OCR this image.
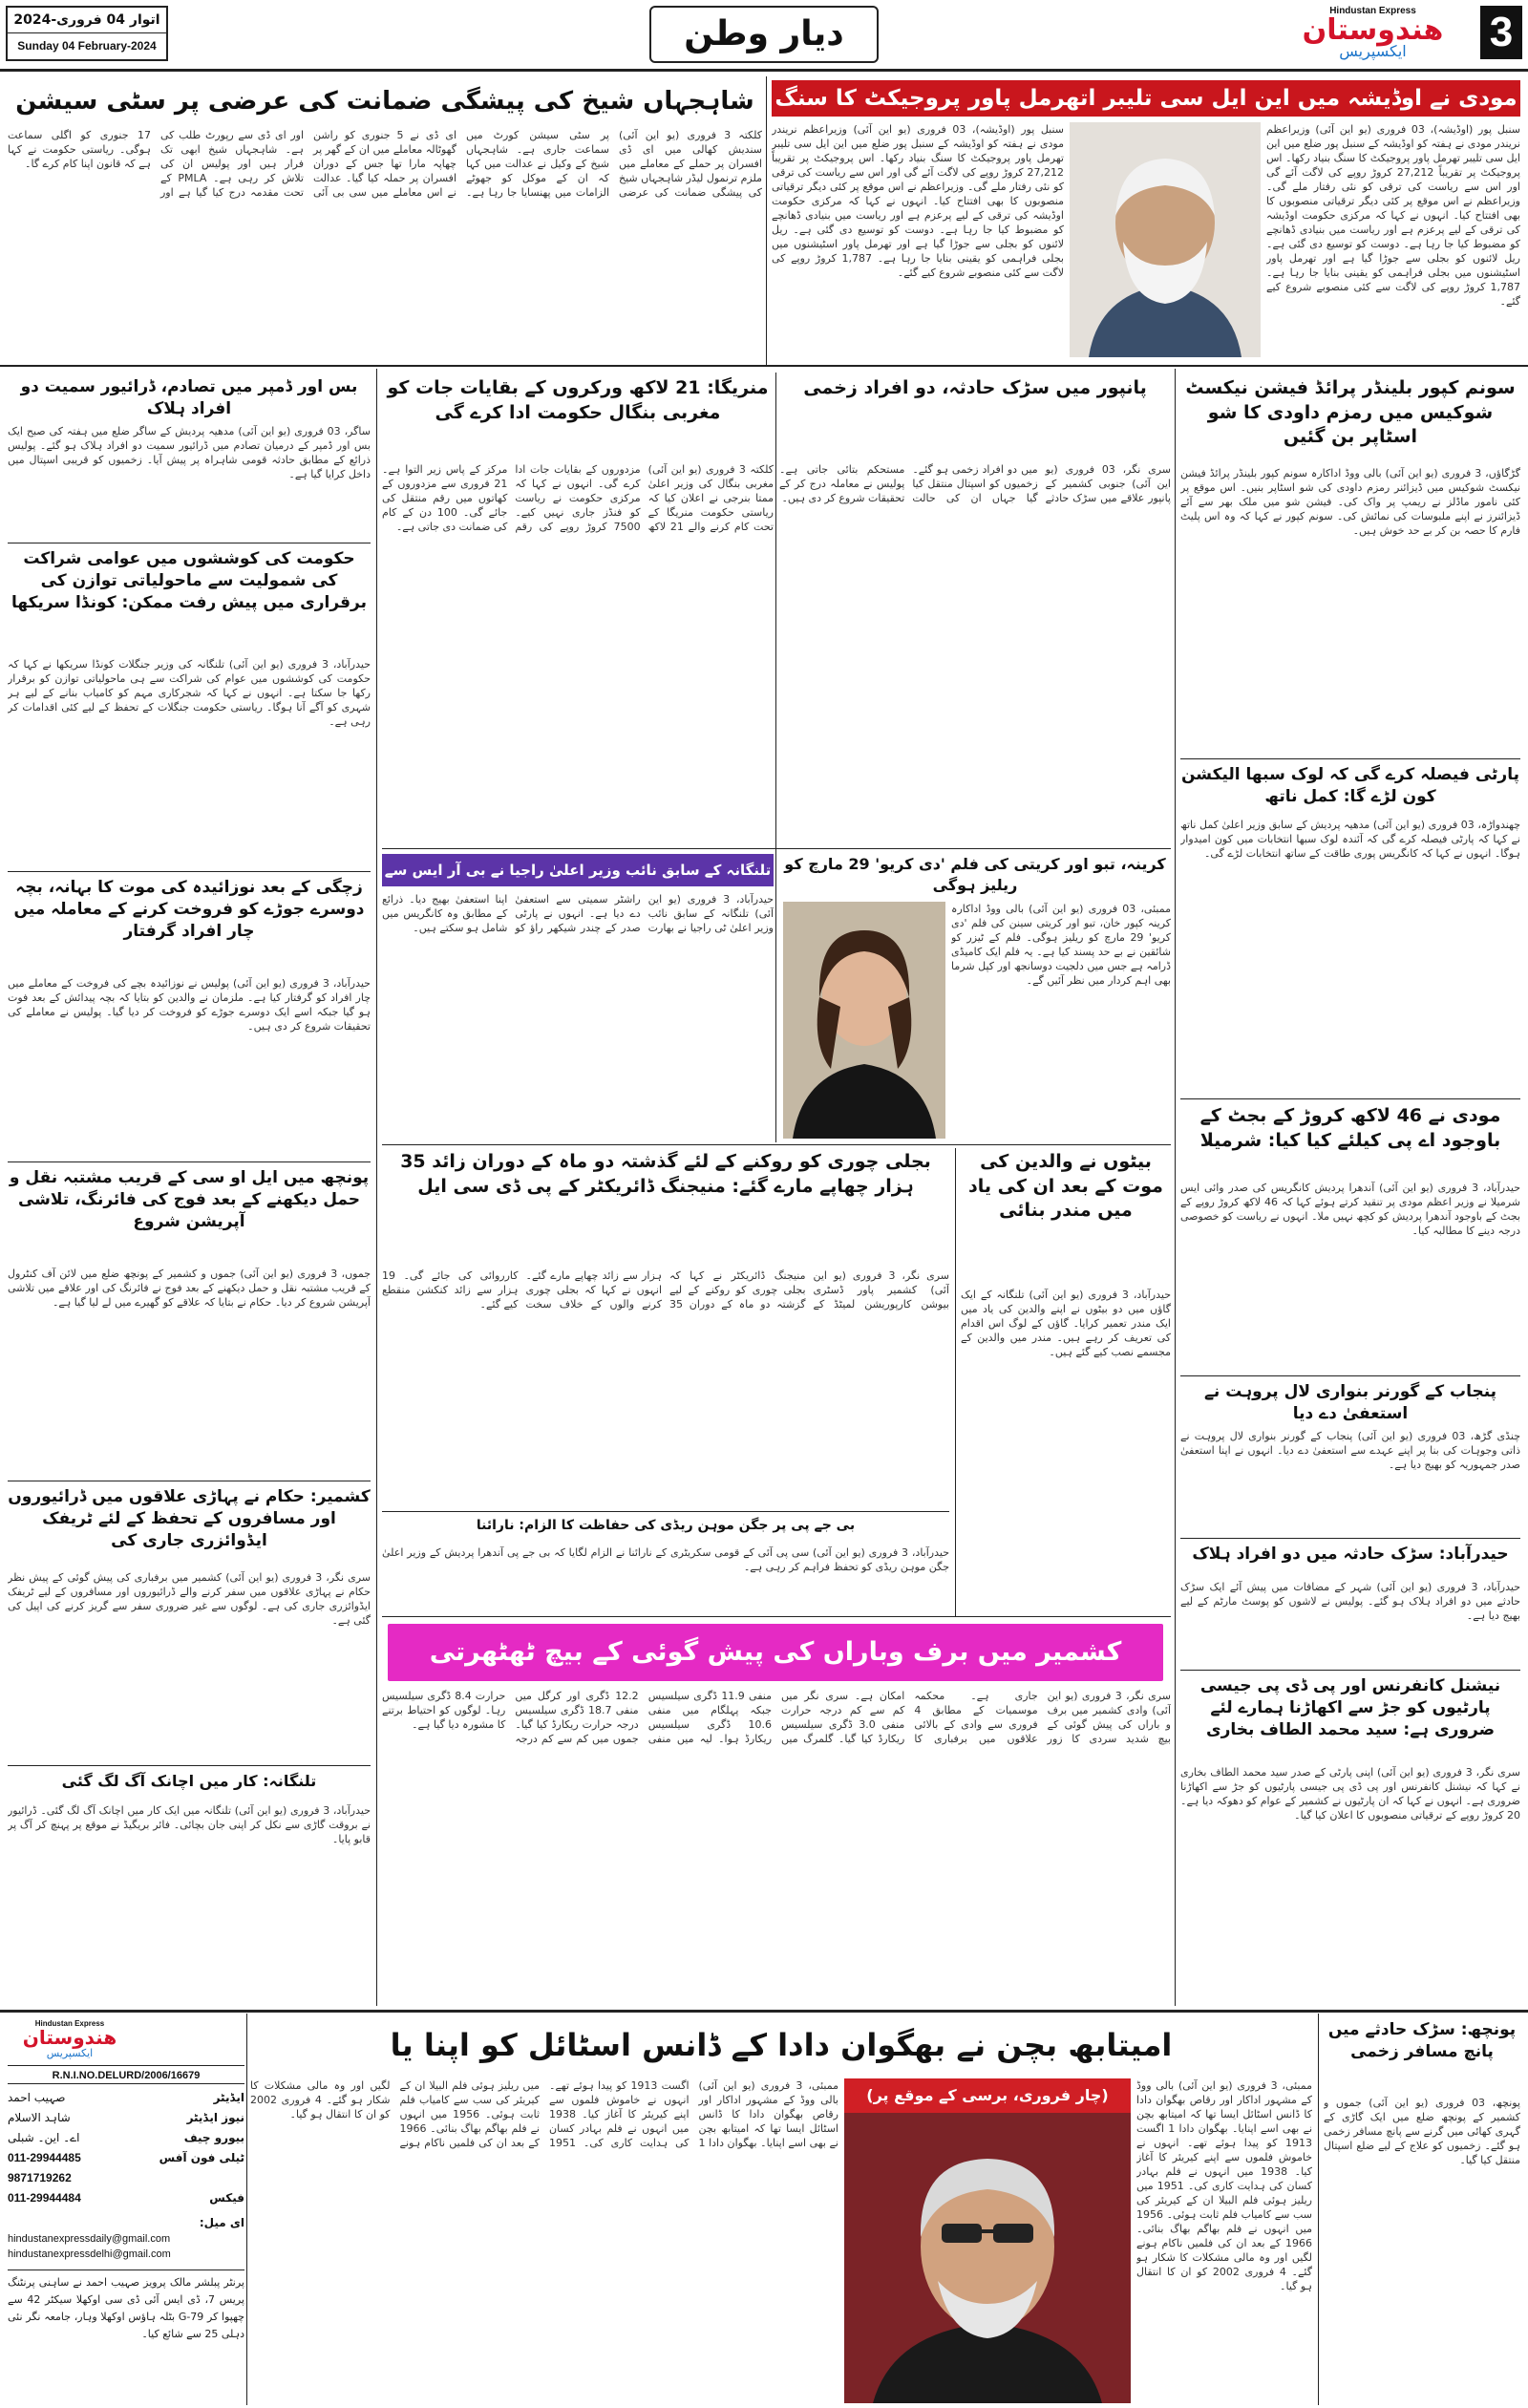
3
Hindustan Express
هندوستان
ایکسپریس
دیار وطن
اتوار 04 فروری-2024
Sunday 04 February-2024
مودی نے اوڈیشہ میں این ایل سی تلیبر اتھرمل پاور پروجیکٹ کا سنگ
سنبل پور (اوڈیشہ)، 03 فروری (یو این آئی) وزیراعظم نریندر مودی نے ہفتہ کو اوڈیشہ کے سنبل پور ضلع میں این ایل سی تلیبر تھرمل پاور پروجیکٹ کا سنگ بنیاد رکھا۔ اس پروجیکٹ پر تقریباً 27,212 کروڑ روپے کی لاگت آئے گی اور اس سے ریاست کی ترقی کو نئی رفتار ملے گی۔ وزیراعظم نے اس موقع پر کئی دیگر ترقیاتی منصوبوں کا بھی افتتاح کیا۔ انہوں نے کہا کہ مرکزی حکومت اوڈیشہ کی ترقی کے لیے پرعزم ہے اور ریاست میں بنیادی ڈھانچے کو مضبوط کیا جا رہا ہے۔ دوست کو توسیع دی گئی ہے۔ ریل لائنوں کو بجلی سے جوڑا گیا ہے اور تھرمل پاور اسٹیشنوں میں بجلی فراہمی کو یقینی بنایا جا رہا ہے۔ 1,787 کروڑ روپے کی لاگت سے کئی منصوبے شروع کیے گئے۔
سنبل پور (اوڈیشہ)، 03 فروری (یو این آئی) وزیراعظم نریندر مودی نے ہفتہ کو اوڈیشہ کے سنبل پور ضلع میں این ایل سی تلیبر تھرمل پاور پروجیکٹ کا سنگ بنیاد رکھا۔ اس پروجیکٹ پر تقریباً 27,212 کروڑ روپے کی لاگت آئے گی اور اس سے ریاست کی ترقی کو نئی رفتار ملے گی۔ وزیراعظم نے اس موقع پر کئی دیگر ترقیاتی منصوبوں کا بھی افتتاح کیا۔ انہوں نے کہا کہ مرکزی حکومت اوڈیشہ کی ترقی کے لیے پرعزم ہے اور ریاست میں بنیادی ڈھانچے کو مضبوط کیا جا رہا ہے۔ دوست کو توسیع دی گئی ہے۔ ریل لائنوں کو بجلی سے جوڑا گیا ہے اور تھرمل پاور اسٹیشنوں میں بجلی فراہمی کو یقینی بنایا جا رہا ہے۔ 1,787 کروڑ روپے کی لاگت سے کئی منصوبے شروع کیے گئے۔
شاہجہاں شیخ کی پیشگی ضمانت کی عرضی پر سٹی سیشن
کلکتہ 3 فروری (یو این آئی) سندیش کھالی میں ای ڈی افسران پر حملے کے معاملے میں ملزم ترنمول لیڈر شاہجہاں شیخ کی پیشگی ضمانت کی عرضی پر سٹی سیشن کورٹ میں سماعت جاری ہے۔ شاہجہاں شیخ کے وکیل نے عدالت میں کہا کہ ان کے موکل کو جھوٹے الزامات میں پھنسایا جا رہا ہے۔ ای ڈی نے 5 جنوری کو راشن گھوٹالہ معاملے میں ان کے گھر پر چھاپہ مارا تھا جس کے دوران افسران پر حملہ کیا گیا۔ عدالت نے اس معاملے میں سی بی آئی اور ای ڈی سے رپورٹ طلب کی ہے۔ شاہجہاں شیخ ابھی تک فرار ہیں اور پولیس ان کی تلاش کر رہی ہے۔ PMLA کے تحت مقدمہ درج کیا گیا ہے اور 17 جنوری کو اگلی سماعت ہوگی۔ ریاستی حکومت نے کہا ہے کہ قانون اپنا کام کرے گا۔
سونم کپور بلینڈر پرائڈ فیشن نیکسٹ شوکیس میں رمزم داودی کا شو اسٹاپر بن گئیں
گڑگاؤں، 3 فروری (یو این آئی) بالی ووڈ اداکارہ سونم کپور بلینڈر پرائڈ فیشن نیکسٹ شوکیس میں ڈیزائنر رمزم داودی کی شو اسٹاپر بنیں۔ اس موقع پر کئی نامور ماڈلز نے ریمپ پر واک کی۔ فیشن شو میں ملک بھر سے آئے ڈیزائنرز نے اپنے ملبوسات کی نمائش کی۔ سونم کپور نے کہا کہ وہ اس پلیٹ فارم کا حصہ بن کر بے حد خوش ہیں۔
پارٹی فیصلہ کرے گی کہ لوک سبھا الیکشن کون لڑے گا: کمل ناتھ
چھندواڑہ، 03 فروری (یو این آئی) مدھیہ پردیش کے سابق وزیر اعلیٰ کمل ناتھ نے کہا کہ پارٹی فیصلہ کرے گی کہ آئندہ لوک سبھا انتخابات میں کون امیدوار ہوگا۔ انہوں نے کہا کہ کانگریس پوری طاقت کے ساتھ انتخابات لڑے گی۔
مودی نے 46 لاکھ کروڑ کے بجٹ کے باوجود اے پی کیلئے کیا کیا: شرمیلا
حیدرآباد، 3 فروری (یو این آئی) آندھرا پردیش کانگریس کی صدر وائی ایس شرمیلا نے وزیر اعظم مودی پر تنقید کرتے ہوئے کہا کہ 46 لاکھ کروڑ روپے کے بجٹ کے باوجود آندھرا پردیش کو کچھ نہیں ملا۔ انہوں نے ریاست کو خصوصی درجہ دینے کا مطالبہ کیا۔
پنجاب کے گورنر بنواری لال پروہت نے استعفیٰ دے دیا
چنڈی گڑھ، 03 فروری (یو این آئی) پنجاب کے گورنر بنواری لال پروہت نے ذاتی وجوہات کی بنا پر اپنے عہدے سے استعفیٰ دے دیا۔ انہوں نے اپنا استعفیٰ صدر جمہوریہ کو بھیج دیا ہے۔
حیدرآباد: سڑک حادثہ میں دو افراد ہلاک
حیدرآباد، 3 فروری (یو این آئی) شہر کے مضافات میں پیش آئے ایک سڑک حادثے میں دو افراد ہلاک ہو گئے۔ پولیس نے لاشوں کو پوسٹ مارٹم کے لیے بھیج دیا ہے۔
نیشنل کانفرنس اور پی ڈی پی جیسی پارٹیوں کو جڑ سے اکھاڑنا ہمارے لئے ضروری ہے: سید محمد الطاف بخاری
سری نگر، 3 فروری (یو این آئی) اپنی پارٹی کے صدر سید محمد الطاف بخاری نے کہا کہ نیشنل کانفرنس اور پی ڈی پی جیسی پارٹیوں کو جڑ سے اکھاڑنا ضروری ہے۔ انہوں نے کہا کہ ان پارٹیوں نے کشمیر کے عوام کو دھوکہ دیا ہے۔ 20 کروڑ روپے کے ترقیاتی منصوبوں کا اعلان کیا گیا۔
بس اور ڈمپر میں تصادم، ڈرائیور سمیت دو افراد ہلاک
ساگر، 03 فروری (یو این آئی) مدھیہ پردیش کے ساگر ضلع میں ہفتہ کی صبح ایک بس اور ڈمپر کے درمیان تصادم میں ڈرائیور سمیت دو افراد ہلاک ہو گئے۔ پولیس ذرائع کے مطابق حادثہ قومی شاہراہ پر پیش آیا۔ زخمیوں کو قریبی اسپتال میں داخل کرایا گیا ہے۔
حکومت کی کوششوں میں عوامی شراکت کی شمولیت سے ماحولیاتی توازن کی برقراری میں پیش رفت ممکن: کونڈا سریکھا
حیدرآباد، 3 فروری (یو این آئی) تلنگانہ کی وزیر جنگلات کونڈا سریکھا نے کہا کہ حکومت کی کوششوں میں عوام کی شراکت سے ہی ماحولیاتی توازن کو برقرار رکھا جا سکتا ہے۔ انہوں نے کہا کہ شجرکاری مہم کو کامیاب بنانے کے لیے ہر شہری کو آگے آنا ہوگا۔ ریاستی حکومت جنگلات کے تحفظ کے لیے کئی اقدامات کر رہی ہے۔
زچگی کے بعد نوزائیدہ کی موت کا بہانہ، بچہ دوسرے جوڑے کو فروخت کرنے کے معاملہ میں چار افراد گرفتار
حیدرآباد، 3 فروری (یو این آئی) پولیس نے نوزائیدہ بچے کی فروخت کے معاملے میں چار افراد کو گرفتار کیا ہے۔ ملزمان نے والدین کو بتایا کہ بچہ پیدائش کے بعد فوت ہو گیا جبکہ اسے ایک دوسرے جوڑے کو فروخت کر دیا گیا۔ پولیس نے معاملے کی تحقیقات شروع کر دی ہیں۔
پونچھ میں ایل او سی کے قریب مشتبہ نقل و حمل دیکھنے کے بعد فوج کی فائرنگ، تلاشی آپریشن شروع
جموں، 3 فروری (یو این آئی) جموں و کشمیر کے پونچھ ضلع میں لائن آف کنٹرول کے قریب مشتبہ نقل و حمل دیکھنے کے بعد فوج نے فائرنگ کی اور علاقے میں تلاشی آپریشن شروع کر دیا۔ حکام نے بتایا کہ علاقے کو گھیرے میں لے لیا گیا ہے۔
کشمیر: حکام نے پہاڑی علاقوں میں ڈرائیوروں اور مسافروں کے تحفظ کے لئے ٹریفک ایڈوائزری جاری کی
سری نگر، 3 فروری (یو این آئی) کشمیر میں برفباری کی پیش گوئی کے پیش نظر حکام نے پہاڑی علاقوں میں سفر کرنے والے ڈرائیوروں اور مسافروں کے لیے ٹریفک ایڈوائزری جاری کی ہے۔ لوگوں سے غیر ضروری سفر سے گریز کرنے کی اپیل کی گئی ہے۔
تلنگانہ: کار میں اچانک آگ لگ گئی
حیدرآباد، 3 فروری (یو این آئی) تلنگانہ میں ایک کار میں اچانک آگ لگ گئی۔ ڈرائیور نے بروقت گاڑی سے نکل کر اپنی جان بچائی۔ فائر بریگیڈ نے موقع پر پہنچ کر آگ پر قابو پایا۔
منریگا: 21 لاکھ ورکروں کے بقایات جات کو مغربی بنگال حکومت ادا کرے گی
کلکتہ 3 فروری (یو این آئی) مغربی بنگال کی وزیر اعلیٰ ممتا بنرجی نے اعلان کیا کہ ریاستی حکومت منریگا کے تحت کام کرنے والے 21 لاکھ مزدوروں کے بقایات جات ادا کرے گی۔ انہوں نے کہا کہ مرکزی حکومت نے ریاست کو فنڈز جاری نہیں کیے۔ 7500 کروڑ روپے کی رقم مرکز کے پاس زیر التوا ہے۔ 21 فروری سے مزدوروں کے کھاتوں میں رقم منتقل کی جائے گی۔ 100 دن کے کام کی ضمانت دی جاتی ہے۔
پانپور میں سڑک حادثہ، دو افراد زخمی
سری نگر، 03 فروری (یو این آئی) جنوبی کشمیر کے پانپور علاقے میں سڑک حادثے میں دو افراد زخمی ہو گئے۔ زخمیوں کو اسپتال منتقل کیا گیا جہاں ان کی حالت مستحکم بتائی جاتی ہے۔ پولیس نے معاملہ درج کر کے تحقیقات شروع کر دی ہیں۔
کرینہ، تبو اور کریتی کی فلم 'دی کریو' 29 مارچ کو ریلیز ہوگی
ممبئی، 03 فروری (یو این آئی) بالی ووڈ اداکارہ کرینہ کپور خان، تبو اور کریتی سینن کی فلم 'دی کریو' 29 مارچ کو ریلیز ہوگی۔ فلم کے ٹیزر کو شائقین نے بے حد پسند کیا ہے۔ یہ فلم ایک کامیڈی ڈرامہ ہے جس میں دلجیت دوسانجھ اور کپل شرما بھی اہم کردار میں نظر آئیں گے۔
تلنگانہ کے سابق نائب وزیر اعلیٰ راجیا نے بی آر ایس سے
حیدرآباد، 3 فروری (یو این آئی) تلنگانہ کے سابق نائب وزیر اعلیٰ ٹی راجیا نے بھارت راشٹر سمیتی سے استعفیٰ دے دیا ہے۔ انہوں نے پارٹی صدر کے چندر شیکھر راؤ کو اپنا استعفیٰ بھیج دیا۔ ذرائع کے مطابق وہ کانگریس میں شامل ہو سکتے ہیں۔
بیٹوں نے والدین کی موت کے بعد ان کی یاد میں مندر بنائی
حیدرآباد، 3 فروری (یو این آئی) تلنگانہ کے ایک گاؤں میں دو بیٹوں نے اپنے والدین کی یاد میں ایک مندر تعمیر کرایا۔ گاؤں کے لوگ اس اقدام کی تعریف کر رہے ہیں۔ مندر میں والدین کے مجسمے نصب کیے گئے ہیں۔
بجلی چوری کو روکنے کے لئے گذشتہ دو ماہ کے دوران زائد 35 ہزار چھاپے مارے گئے: منیجنگ ڈائریکٹر کے پی ڈی سی ایل
سری نگر، 3 فروری (یو این آئی) کشمیر پاور ڈسٹری بیوشن کارپوریشن لمیٹڈ کے منیجنگ ڈائریکٹر نے کہا کہ بجلی چوری کو روکنے کے لیے گزشتہ دو ماہ کے دوران 35 ہزار سے زائد چھاپے مارے گئے۔ انہوں نے کہا کہ بجلی چوری کرنے والوں کے خلاف سخت کارروائی کی جائے گی۔ 19 ہزار سے زائد کنکشن منقطع کیے گئے۔
بی جے پی پر جگن موہن ریڈی کی حفاظت کا الزام: نارائنا
حیدرآباد، 3 فروری (یو این آئی) سی پی آئی کے قومی سکریٹری کے نارائنا نے الزام لگایا کہ بی جے پی آندھرا پردیش کے وزیر اعلیٰ جگن موہن ریڈی کو تحفظ فراہم کر رہی ہے۔
کشمیر میں برف وباراں کی پیش گوئی کے بیچ ٹھٹھرتی
سری نگر، 3 فروری (یو این آئی) وادی کشمیر میں برف و باراں کی پیش گوئی کے بیچ شدید سردی کا زور جاری ہے۔ محکمہ موسمیات کے مطابق 4 فروری سے وادی کے بالائی علاقوں میں برفباری کا امکان ہے۔ سری نگر میں کم سے کم درجہ حرارت منفی 3.0 ڈگری سیلسیس ریکارڈ کیا گیا۔ گلمرگ میں منفی 11.9 ڈگری سیلسیس جبکہ پہلگام میں منفی 10.6 ڈگری سیلسیس ریکارڈ ہوا۔ لیہ میں منفی 12.2 ڈگری اور کرگل میں منفی 18.7 ڈگری سیلسیس درجہ حرارت ریکارڈ کیا گیا۔ جموں میں کم سے کم درجہ حرارت 8.4 ڈگری سیلسیس رہا۔ لوگوں کو احتیاط برتنے کا مشورہ دیا گیا ہے۔
پونچھ: سڑک حادثے میں پانچ مسافر زخمی
پونچھ، 03 فروری (یو این آئی) جموں و کشمیر کے پونچھ ضلع میں ایک گاڑی کے گہری کھائی میں گرنے سے پانچ مسافر زخمی ہو گئے۔ زخمیوں کو علاج کے لیے ضلع اسپتال منتقل کیا گیا۔
امیتابھ بچن نے بھگوان دادا کے ڈانس اسٹائل کو اپنا یا
(چار فروری، برسی کے موقع پر)
ممبئی، 3 فروری (یو این آئی) بالی ووڈ کے مشہور اداکار اور رقاص بھگوان دادا کا ڈانس اسٹائل ایسا تھا کہ امیتابھ بچن نے بھی اسے اپنایا۔ بھگوان دادا 1 اگست 1913 کو پیدا ہوئے تھے۔ انہوں نے خاموش فلموں سے اپنے کیریئر کا آغاز کیا۔ 1938 میں انہوں نے فلم بہادر کسان کی ہدایت کاری کی۔ 1951 میں ریلیز ہوئی فلم البیلا ان کے کیریئر کی سب سے کامیاب فلم ثابت ہوئی۔ 1956 میں انہوں نے فلم بھاگم بھاگ بنائی۔ 1966 کے بعد ان کی فلمیں ناکام ہونے لگیں اور وہ مالی مشکلات کا شکار ہو گئے۔ 4 فروری 2002 کو ان کا انتقال ہو گیا۔
ممبئی، 3 فروری (یو این آئی) بالی ووڈ کے مشہور اداکار اور رقاص بھگوان دادا کا ڈانس اسٹائل ایسا تھا کہ امیتابھ بچن نے بھی اسے اپنایا۔ بھگوان دادا 1 اگست 1913 کو پیدا ہوئے تھے۔ انہوں نے خاموش فلموں سے اپنے کیریئر کا آغاز کیا۔ 1938 میں انہوں نے فلم بہادر کسان کی ہدایت کاری کی۔ 1951 میں ریلیز ہوئی فلم البیلا ان کے کیریئر کی سب سے کامیاب فلم ثابت ہوئی۔ 1956 میں انہوں نے فلم بھاگم بھاگ بنائی۔ 1966 کے بعد ان کی فلمیں ناکام ہونے لگیں اور وہ مالی مشکلات کا شکار ہو گئے۔ 4 فروری 2002 کو ان کا انتقال ہو گیا۔
Hindustan Express
هندوستان
ایکسپریس
R.N.I.NO.DELURD/2006/16679
صہیب احمد	ایڈیٹر
شاہد الاسلام	نیوز ایڈیٹر
اے۔ این۔ شبلی	بیورو چیف
011-29944485	ٹیلی فون آفس
9871719262
011-29944484	فیکس
ای میل:
hindustanexpressdaily@gmail.com
hindustanexpressdelhi@gmail.com
پرنٹر پبلشر مالک پرویز صہیب احمد نے ساہنی پرنٹنگ پریس 7، ڈی ایس آئی ڈی سی اوکھلا سیکٹر 42 سے چھپوا کر G-79 بٹلہ ہاؤس اوکھلا وہار، جامعہ نگر نئی دہلی 25 سے شائع کیا۔
